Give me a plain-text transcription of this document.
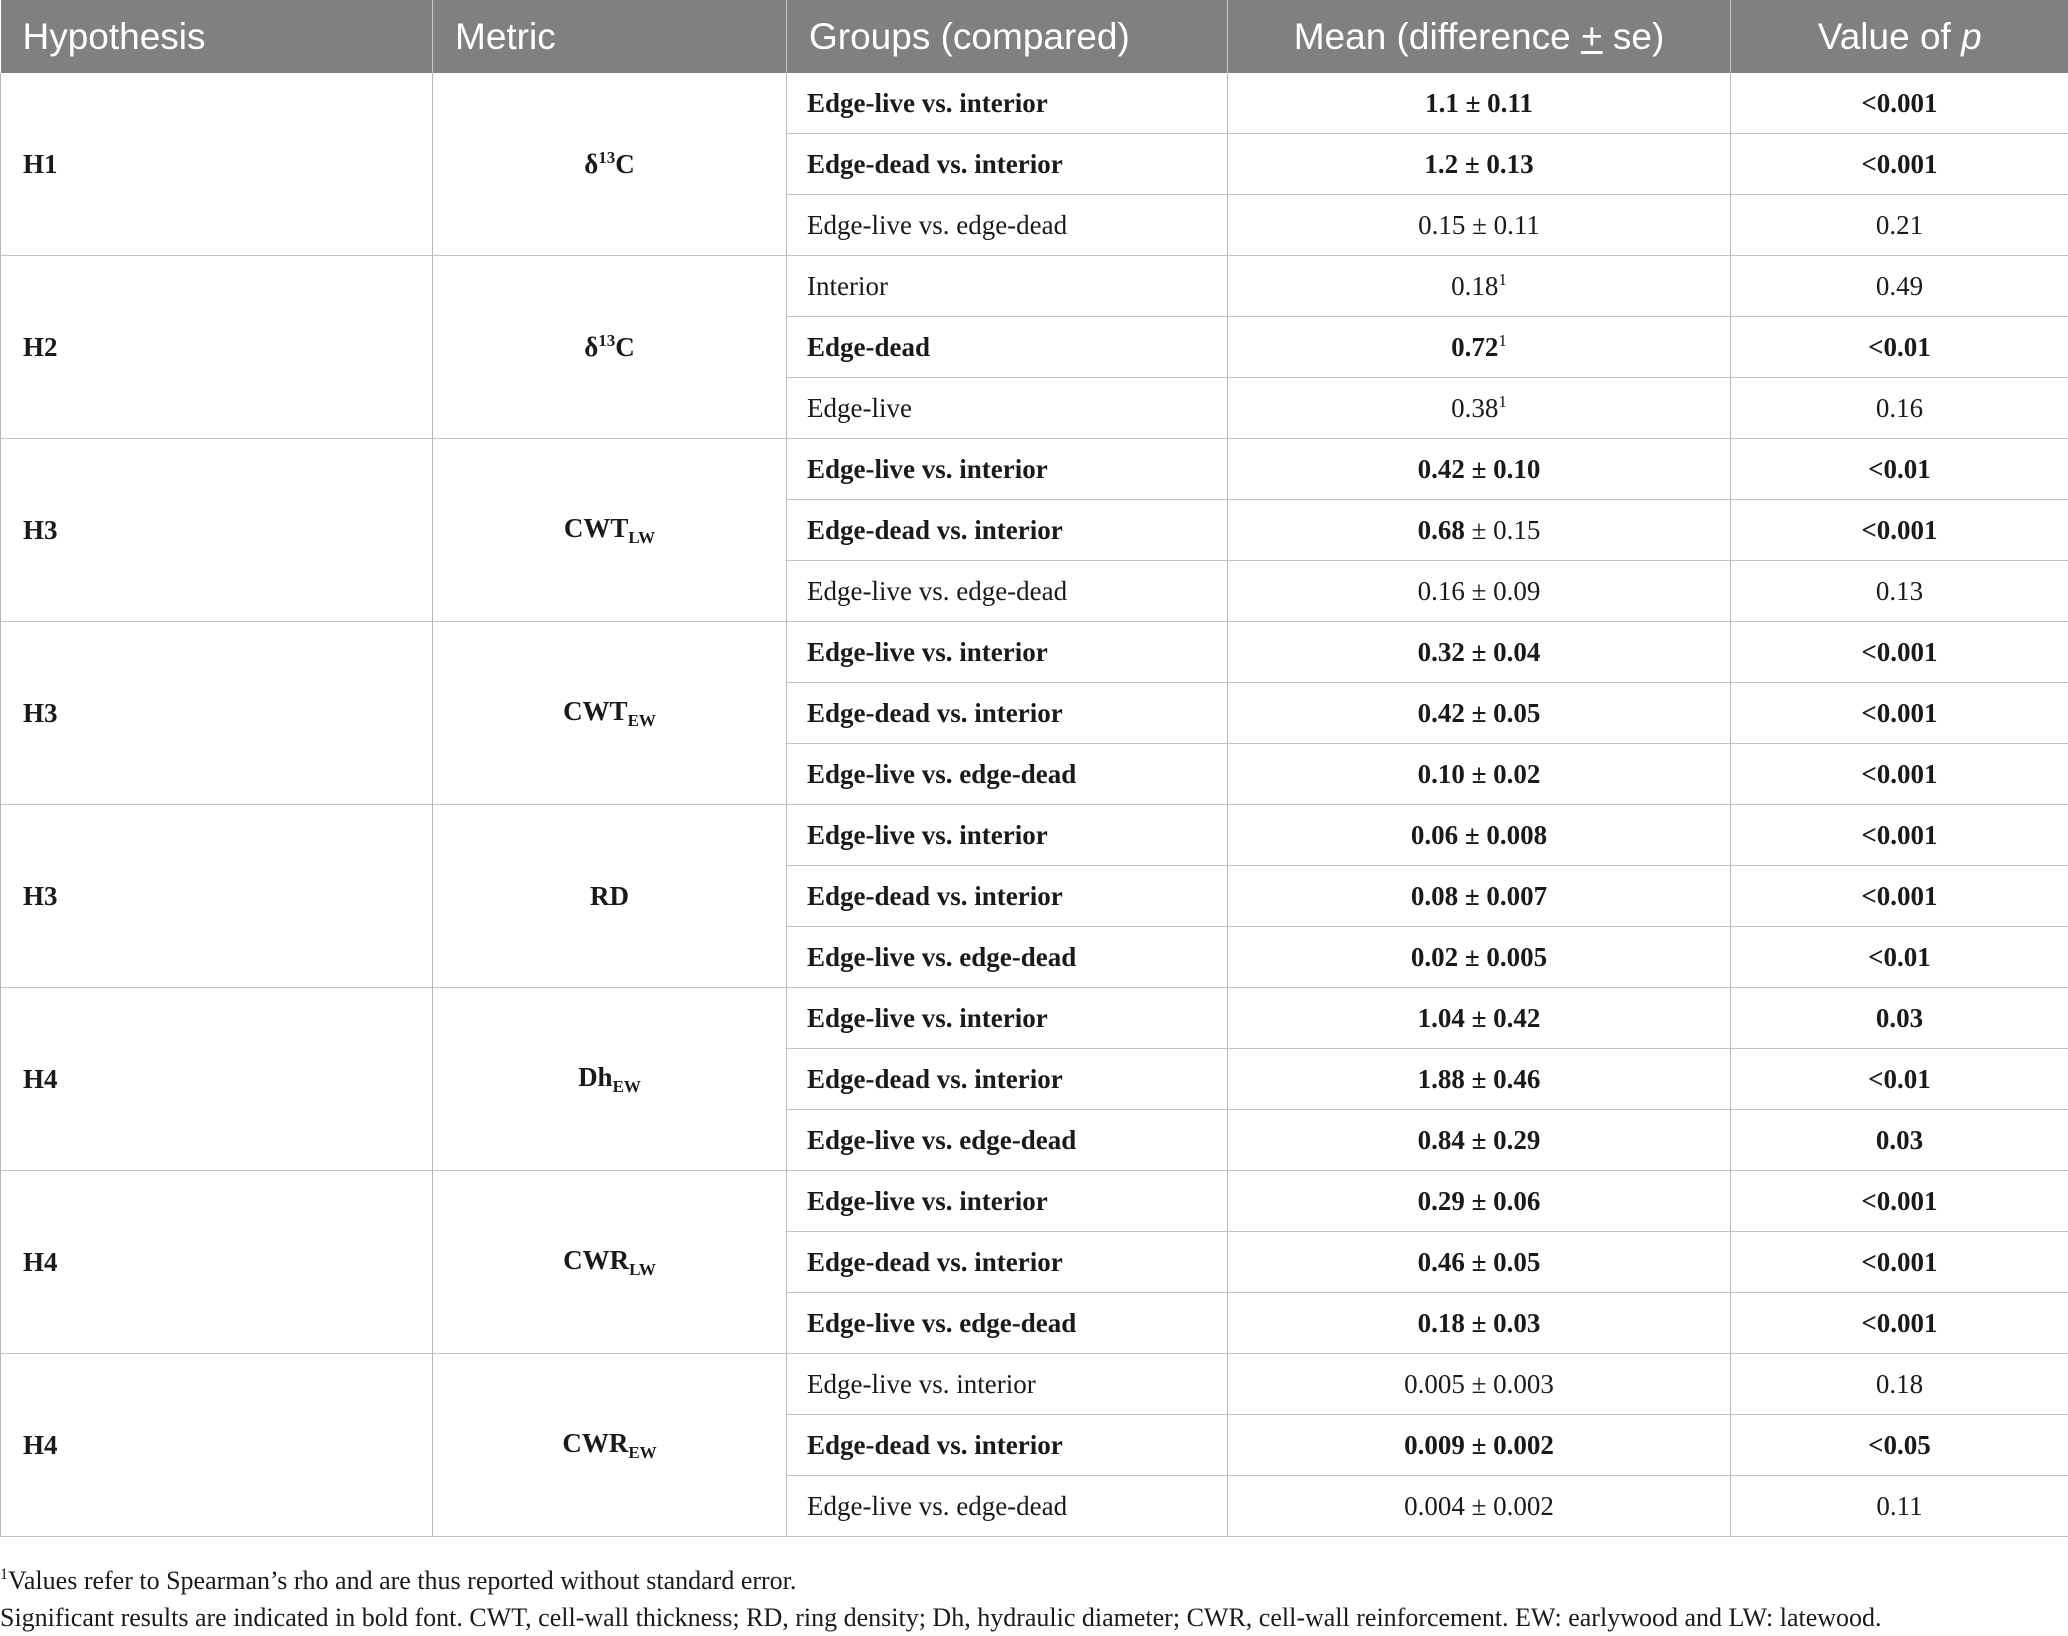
Hypothesis	Metric	Groups (compared)	Mean (difference + se)	Value of p
H1	$\delta^{13}C$	Edge-live vs. interior	1.1 ± 0.11	<0.001
		Edge-dead vs. interior	1.2 ± 0.13	<0.001
		Edge-live vs. edge-dead	0.15 ± 0.11	0.21
H2	$\delta^{13}C$	Interior	0.18$^1$	0.49
		Edge-dead	$0.72^1$	<0.01
		Edge-live	0.38$^1$	0.16
H3	$CWT_{LW}$	Edge-live vs. interior	0.42 ± 0.10	<0.01
		Edge-dead vs. interior	0.68 ± 0.15	<0.001
		Edge-live vs. edge-dead	0.16 ± 0.09	0.13
H3	$CWT_{EW}$	Edge-live vs. interior	0.32 ± 0.04	<0.001
		Edge-dead vs. interior	0.42 ± 0.05	<0.001
		Edge-live vs. edge-dead	0.10 ± 0.02	<0.001
H3	RD	Edge-live vs. interior	0.06 ± 0.008	<0.001
		Edge-dead vs. interior	0.08 ± 0.007	<0.001
		Edge-live vs. edge-dead	0.02 ± 0.005	<0.01
H4	$Dh_{EW}$	Edge-live vs. interior	1.04 ± 0.42	0.03
		Edge-dead vs. interior	1.88 ± 0.46	<0.01
		Edge-live vs. edge-dead	0.84 ± 0.29	0.03
H4	$CWR_{LW}$	Edge-live vs. interior	0.29 ± 0.06	<0.001
		Edge-dead vs. interior	0.46 ± 0.05	<0.001
		Edge-live vs. edge-dead	0.18 ± 0.03	<0.001
H4	$CWR_{EW}$	Edge-live vs. interior	0.005 ± 0.003	0.18
		Edge-dead vs. interior	0.009 ± 0.002	<0.05
		Edge-live vs. edge-dead	0.004 ± 0.002	0.11

$^1$Values refer to Spearman’s rho and are thus reported without standard error.

Significant results are indicated in bold font. CWT, cell-wall thickness; RD, ring density; Dh, hydraulic diameter; CWR, cell-wall reinforcement. EW: earlywood and LW: latewood.
